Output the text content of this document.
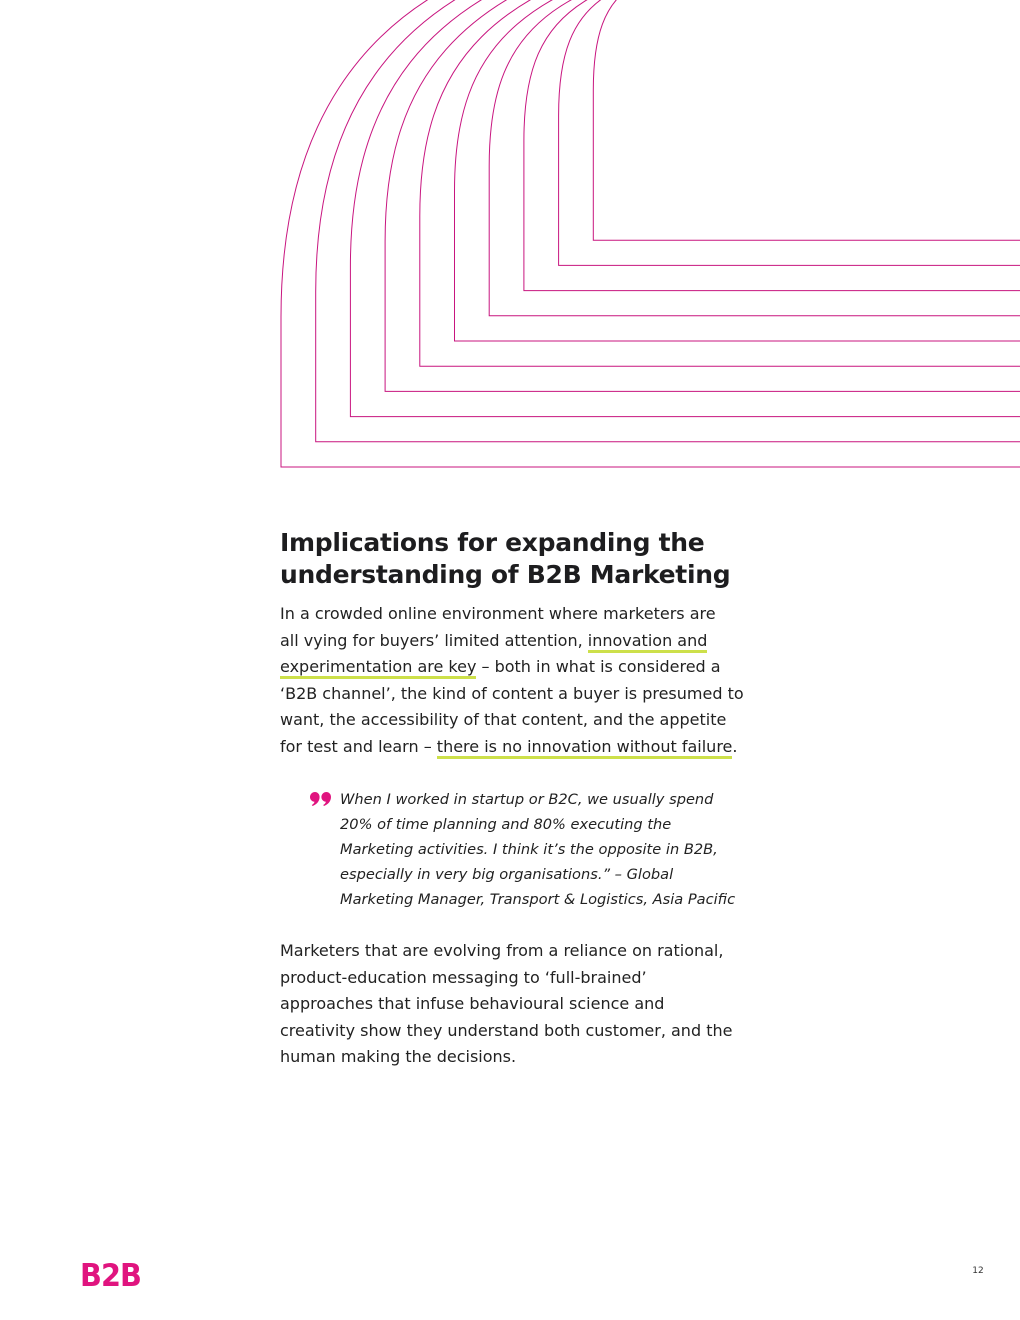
Implications for expanding the
understanding of B2B Marketing

In a crowded online environment where marketers are
all vying for buyers’ limited attention, innovation and
experimentation are key – both in what is considered a
‘B2B channel’, the kind of content a buyer is presumed to
want, the accessibility of that content, and the appetite
for test and learn – there is no innovation without failure.

When I worked in startup or B2C, we usually spend
20% of time planning and 80% executing the
Marketing activities. I think it’s the opposite in B2B,
especially in very big organisations.” – Global
Marketing Manager, Transport & Logistics, Asia Pacific

Marketers that are evolving from a reliance on rational,
product-education messaging to ‘full-brained’
approaches that infuse behavioural science and
creativity show they understand both customer, and the
human making the decisions.

B2B	12
